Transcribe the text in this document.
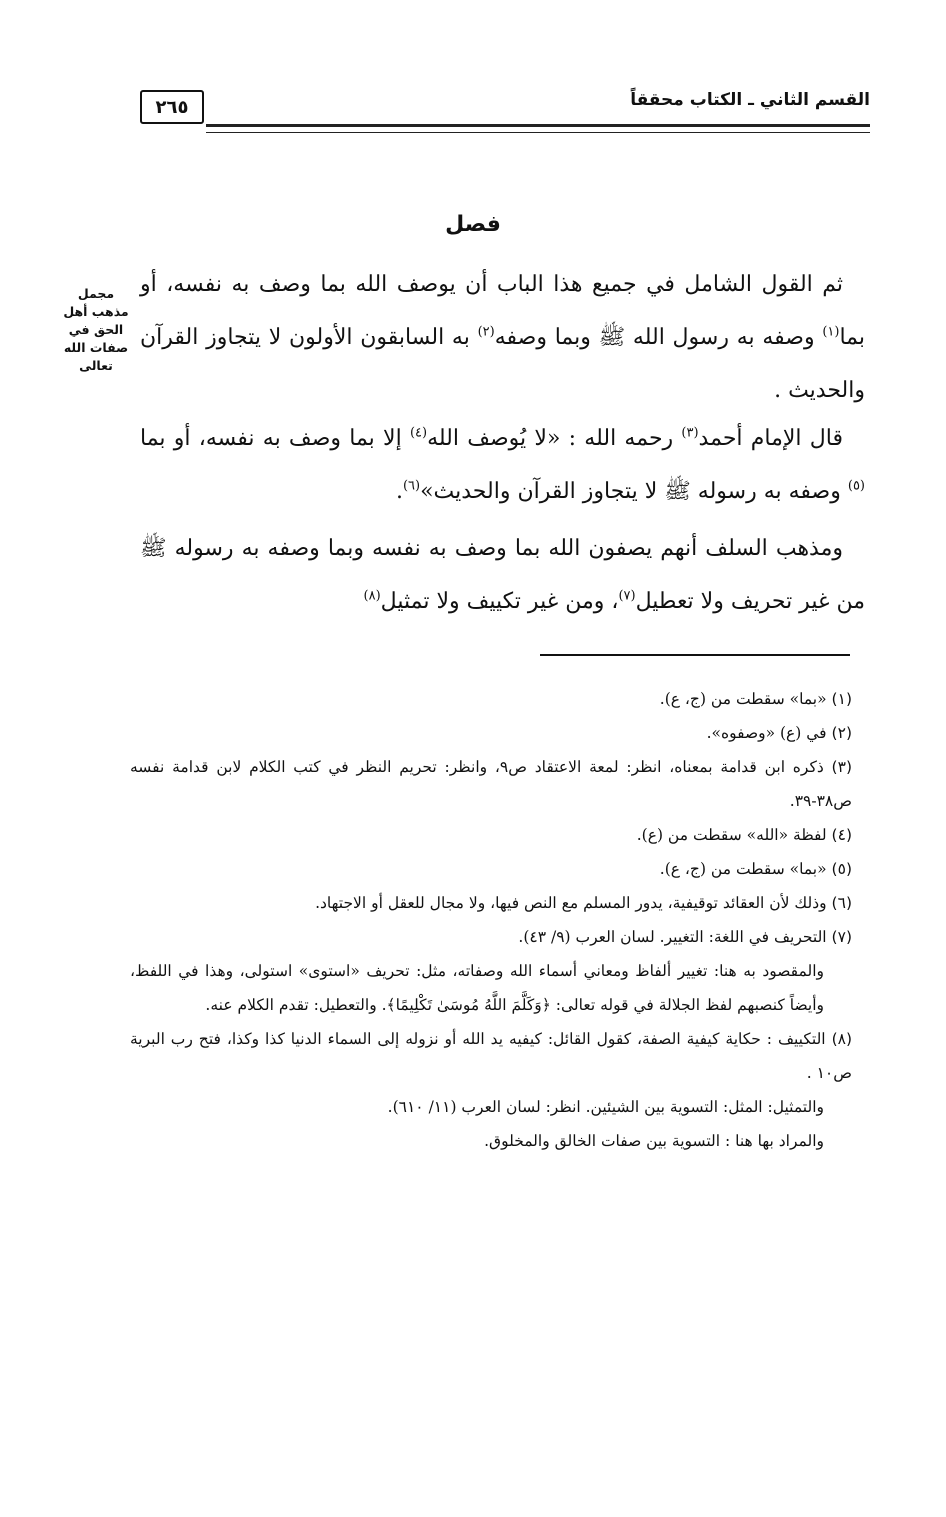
٢٦٥	القسم الثاني ـ الكتاب محققاً
فصل
مجمل
مذهب أهل
الحق في
صفات الله
تعالى

ثم القول الشامل في جميع هذا الباب أن يوصف الله بما وصف به نفسه، أو بما$^{(١)}$ وصفه به رسول الله ﷺ وبما وصفه$^{(٢)}$ به السابقون الأولون لا يتجاوز القرآن والحديث .

قال الإمام أحمد$^{(٣)}$ رحمه الله : «لا يُوصف الله$^{(٤)}$ إلا بما وصف به نفسه، أو بما $^{(٥)}$ وصفه به رسوله ﷺ لا يتجاوز القرآن والحديث»$^{(٦)}$.

ومذهب السلف أنهم يصفون الله بما وصف به نفسه وبما وصفه به رسوله ﷺ من غير تحريف ولا تعطيل$^{(٧)}$، ومن غير تكييف ولا تمثيل$^{(٨)}$

(١) «بما» سقطت من (ج، ع).

(٢) في (ع) «وصفوه».

(٣) ذكره ابن قدامة بمعناه، انظر: لمعة الاعتقاد ص٩، وانظر: تحريم النظر في كتب الكلام لابن قدامة نفسه ص٣٨-٣٩.

(٤) لفظة «الله» سقطت من (ع).

(٥) «بما» سقطت من (ج، ع).

(٦) وذلك لأن العقائد توقيفية، يدور المسلم مع النص فيها، ولا مجال للعقل أو الاجتهاد.

(٧) التحريف في اللغة: التغيير. لسان العرب (٩/ ٤٣).

والمقصود به هنا: تغيير ألفاظ ومعاني أسماء الله وصفاته، مثل: تحريف «استوى» استولى، وهذا في اللفظ، وأيضاً كنصبهم لفظ الجلالة في قوله تعالى: ﴿وَكَلَّمَ اللَّهُ مُوسَىٰ تَكْلِيمًا﴾. والتعطيل: تقدم الكلام عنه.

(٨) التكييف : حكاية كيفية الصفة، كقول القائل: كيفيه يد الله أو نزوله إلى السماء الدنيا كذا وكذا، فتح رب البرية ص١٠ .

والتمثيل: المثل: التسوية بين الشيئين. انظر: لسان العرب (١١/ ٦١٠).

والمراد بها هنا : التسوية بين صفات الخالق والمخلوق.
